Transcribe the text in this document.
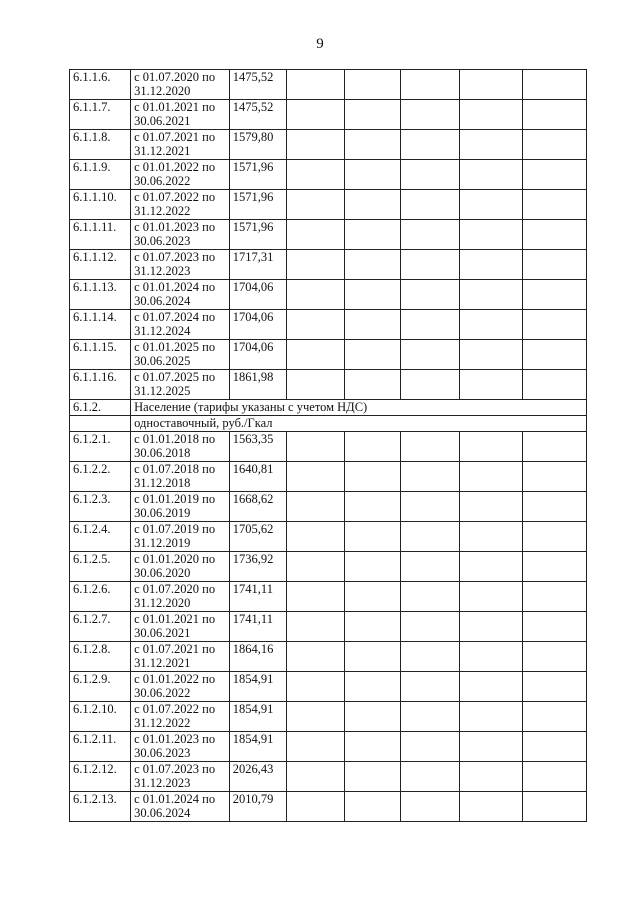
9
6.1.1.6.	с 01.07.2020 по 31.12.2020	1475,52					
6.1.1.7.	с 01.01.2021 по 30.06.2021	1475,52					
6.1.1.8.	с 01.07.2021 по 31.12.2021	1579,80					
6.1.1.9.	с 01.01.2022 по 30.06.2022	1571,96					
6.1.1.10.	с 01.07.2022 по 31.12.2022	1571,96					
6.1.1.11.	с 01.01.2023 по 30.06.2023	1571,96					
6.1.1.12.	с 01.07.2023 по 31.12.2023	1717,31					
6.1.1.13.	с 01.01.2024 по 30.06.2024	1704,06					
6.1.1.14.	с 01.07.2024 по 31.12.2024	1704,06					
6.1.1.15.	с 01.01.2025 по 30.06.2025	1704,06					
6.1.1.16.	с 01.07.2025 по 31.12.2025	1861,98					
6.1.2.	Население (тарифы указаны с учетом НДС)						
	одноставочный, руб./Гкал						
6.1.2.1.	с 01.01.2018 по 30.06.2018	1563,35					
6.1.2.2.	с 01.07.2018 по 31.12.2018	1640,81					
6.1.2.3.	с 01.01.2019 по 30.06.2019	1668,62					
6.1.2.4.	с 01.07.2019 по 31.12.2019	1705,62					
6.1.2.5.	с 01.01.2020 по 30.06.2020	1736,92					
6.1.2.6.	с 01.07.2020 по 31.12.2020	1741,11					
6.1.2.7.	с 01.01.2021 по 30.06.2021	1741,11					
6.1.2.8.	с 01.07.2021 по 31.12.2021	1864,16					
6.1.2.9.	с 01.01.2022 по 30.06.2022	1854,91					
6.1.2.10.	с 01.07.2022 по 31.12.2022	1854,91					
6.1.2.11.	с 01.01.2023 по 30.06.2023	1854,91					
6.1.2.12.	с 01.07.2023 по 31.12.2023	2026,43					
6.1.2.13.	с 01.01.2024 по 30.06.2024	2010,79					
